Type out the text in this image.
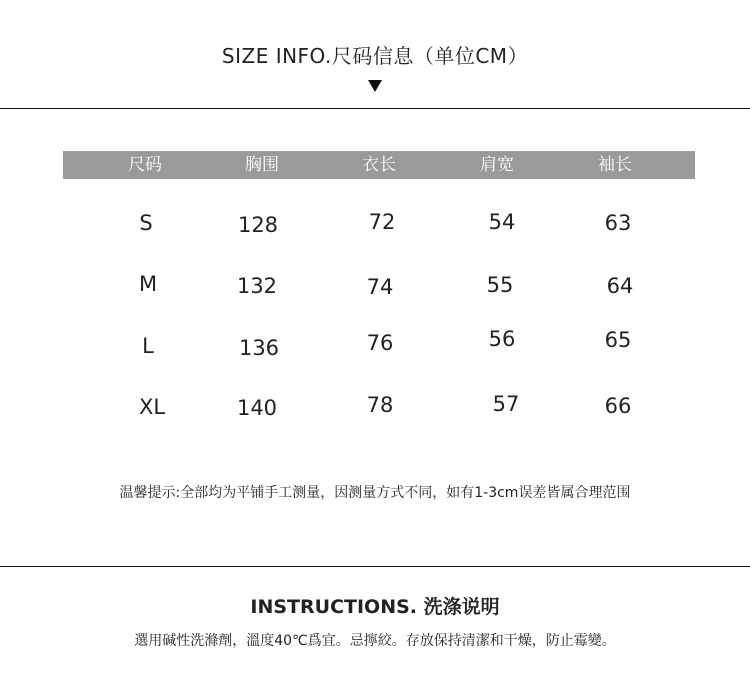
SIZE INFO.尺码信息（单位CM）
尺码	胸围	衣长	肩宽	袖长
S	128	72	54	63
M	132	74	55	64
L	136	76	56	65
XL	140	78	57	66
温馨提示:全部均为平铺手工测量，因测量方式不同，如有1-3cm误差皆属合理范围
INSTRUCTIONS. 洗涤说明
選用碱性洗滌劑，溫度40℃爲宜。忌擰絞。存放保持清潔和干燥，防止霉變。
